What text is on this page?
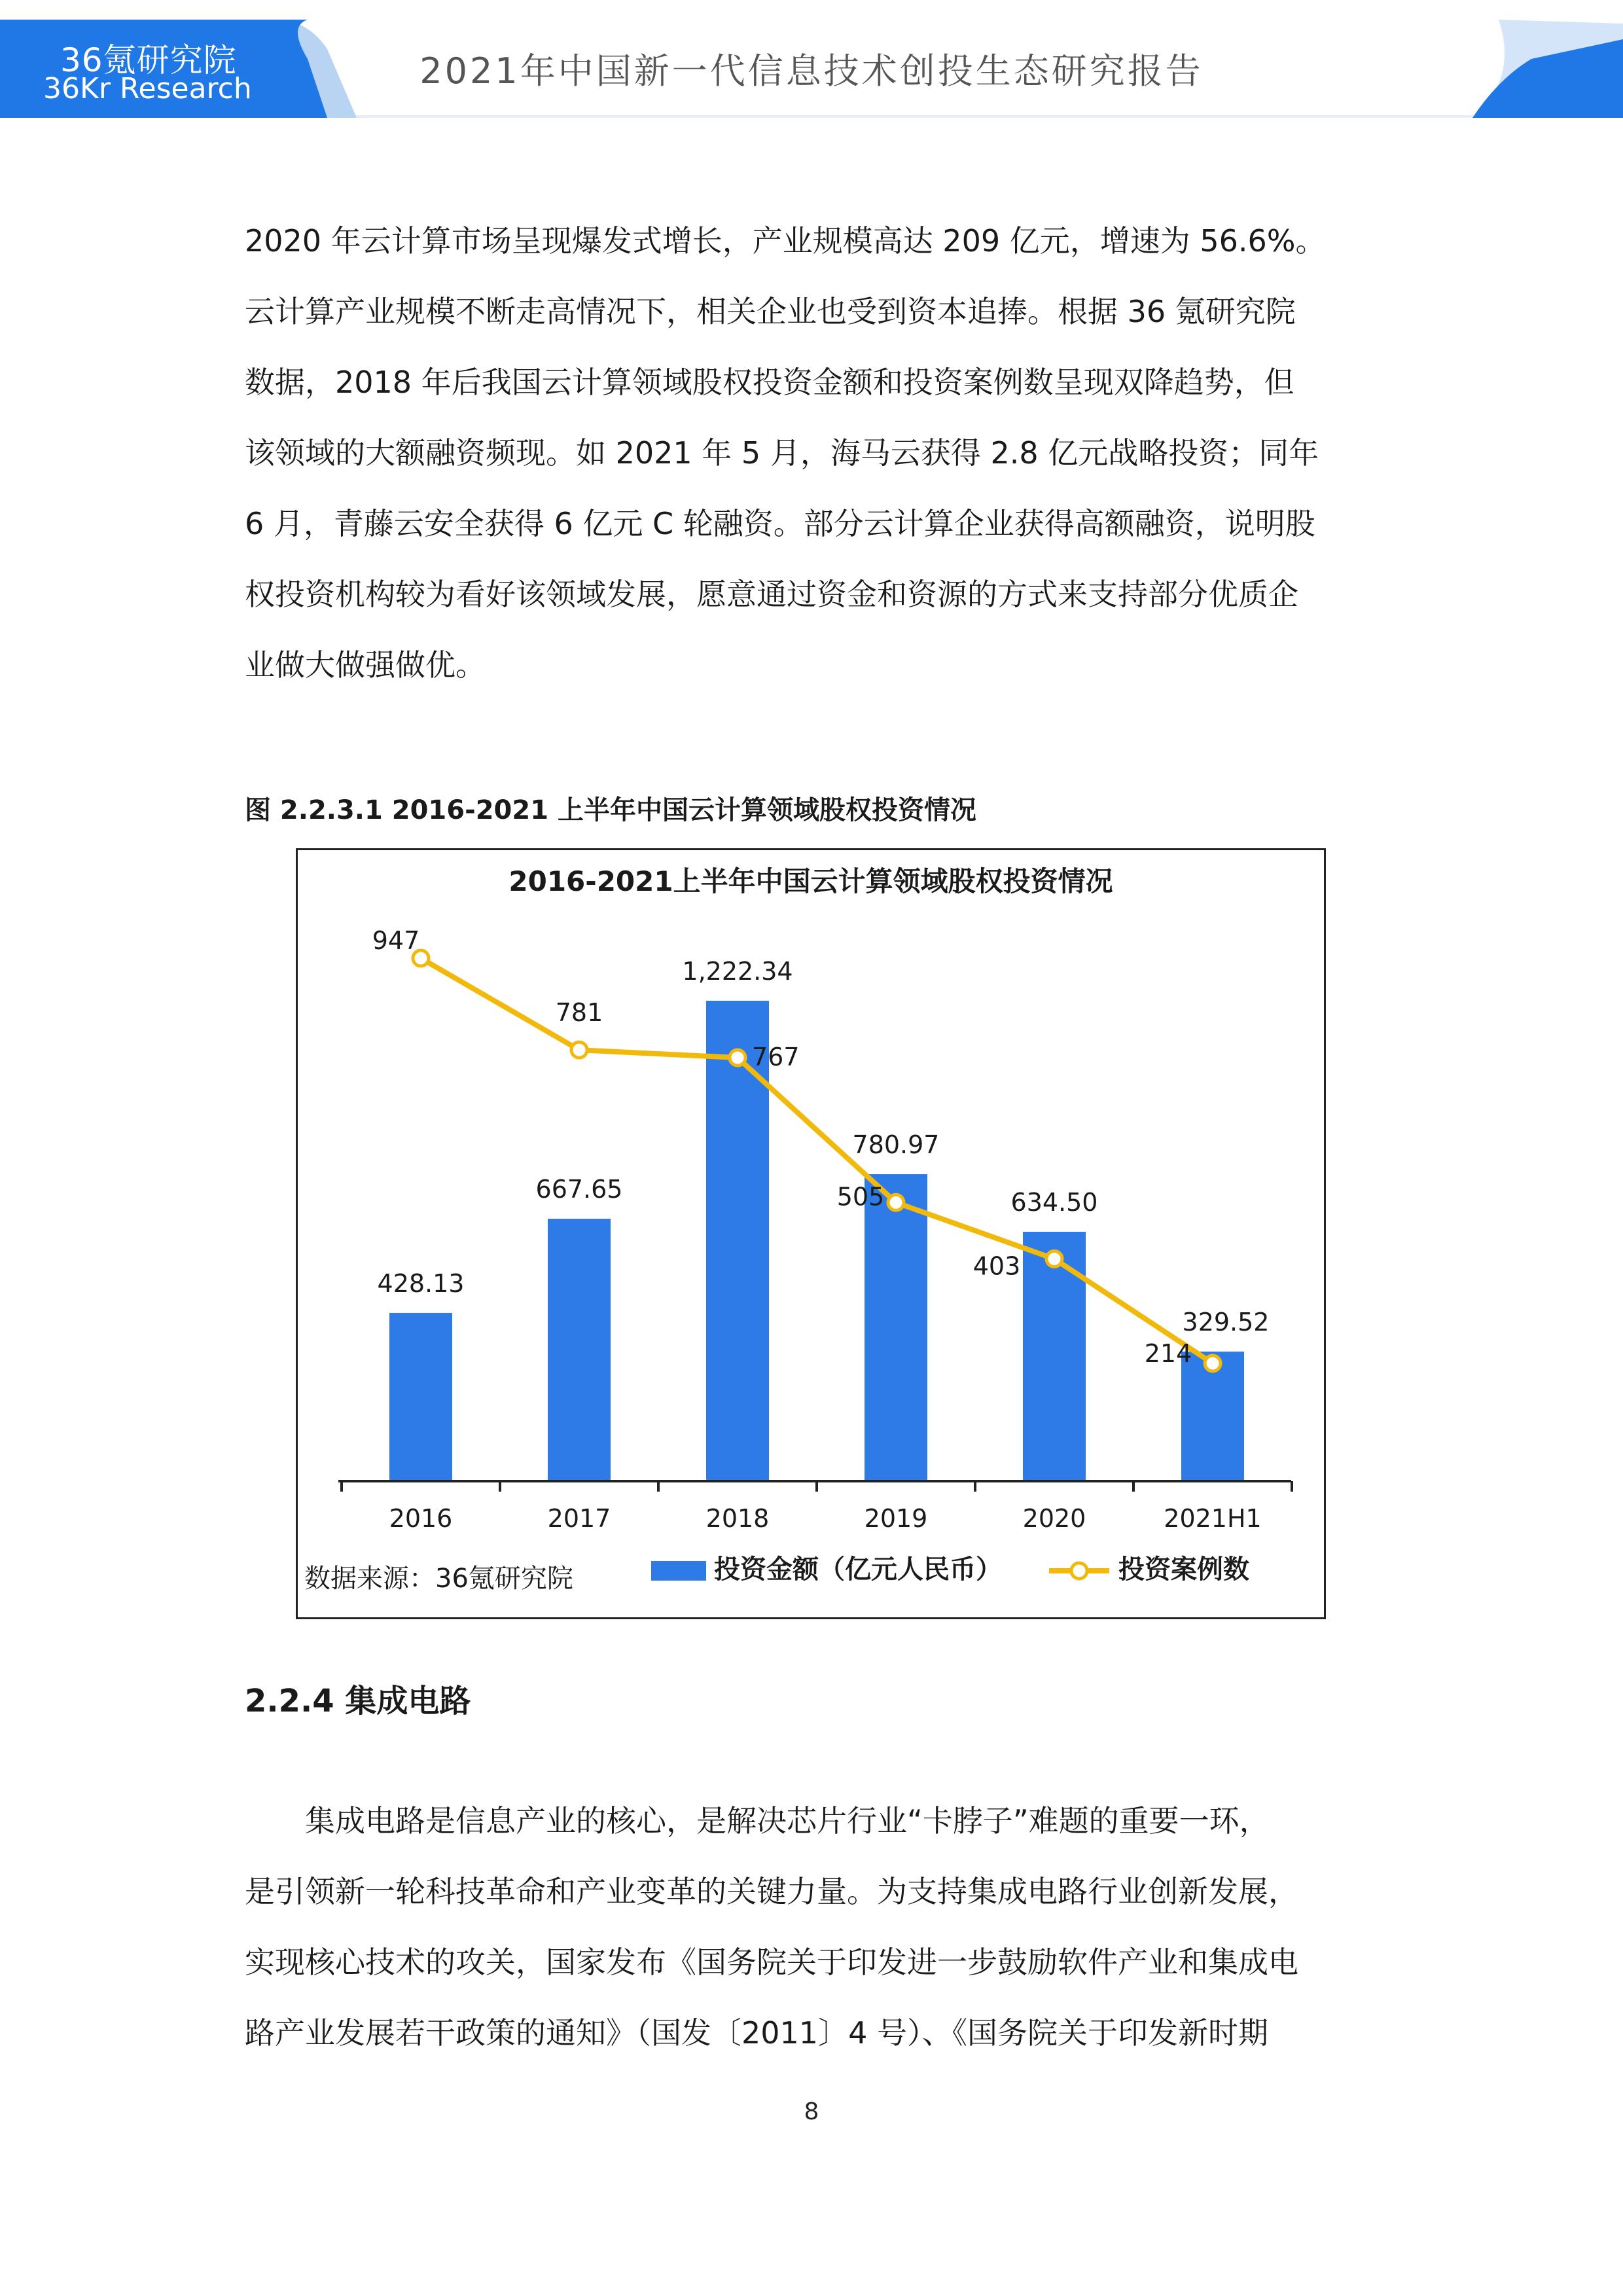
36氪研究院
36Kr Research	2021年中国新一代信息技术创投生态研究报告
2020 年云计算市场呈现爆发式增长，产业规模高达 209 亿元，增速为 56.6%。
云计算产业规模不断走高情况下，相关企业也受到资本追捧。根据 36 氪研究院
数据，2018 年后我国云计算领域股权投资金额和投资案例数呈现双降趋势，但
该领域的大额融资频现。如 2021 年 5 月，海马云获得 2.8 亿元战略投资；同年
6 月，青藤云安全获得 6 亿元 C 轮融资。部分云计算企业获得高额融资，说明股
权投资机构较为看好该领域发展，愿意通过资金和资源的方式来支持部分优质企
业做大做强做优。
图 2.2.3.1 2016-2021 上半年中国云计算领域股权投资情况
2016-2021上半年中国云计算领域股权投资情况
428.13
667.65
1,222.34
780.97
634.50
329.52
947
781
767
505
403
214
2016	2017	2018	2019	2020	2021H1
数据来源：36氪研究院	投资金额（亿元人民币）	投资案例数
2.2.4 集成电路
　　集成电路是信息产业的核心，是解决芯片行业“卡脖子”难题的重要一环，
是引领新一轮科技革命和产业变革的关键力量。为支持集成电路行业创新发展，
实现核心技术的攻关，国家发布《国务院关于印发进一步鼓励软件产业和集成电
路产业发展若干政策的通知》（国发〔2011〕4 号）、《国务院关于印发新时期
8
